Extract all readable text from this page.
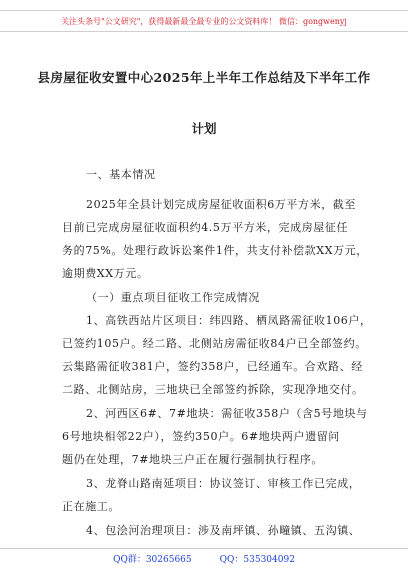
关注头条号"公文研究"，获得最新最全最专业的公文资料库！ 微信：gongwenyj
县房屋征收安置中心2025年上半年工作总结及下半年工作
计划
一、基本情况
2025年全县计划完成房屋征收面积6万平方米，截至
目前已完成房屋征收面积约4.5万平方米，完成房屋征任
务的75%。处理行政诉讼案件1件，共支付补偿款XX万元，
逾期费XX万元。
（一）重点项目征收工作完成情况
1、高铁西站片区项目：纬四路、栖凤路需征收106户，
已签约105户。经二路、北侧站房需征收84户已全部签约。
云集路需征收381户，签约358户，已经通车。合欢路、经
二路、北侧站房，三地块已全部签约拆除，实现净地交付。
2、河西区6#、7#地块：需征收358户（含5号地块与
6号地块相邻22户），签约350户。6#地块两户遗留问
题仍在处理，7#地块三户正在履行强制执行程序。
3、龙脊山路南延项目：协议签订、审核工作已完成，
正在施工。
4、包浍河治理项目：涉及南坪镇、孙疃镇、五沟镇、
QQ群：30265665	QQ：535304092
